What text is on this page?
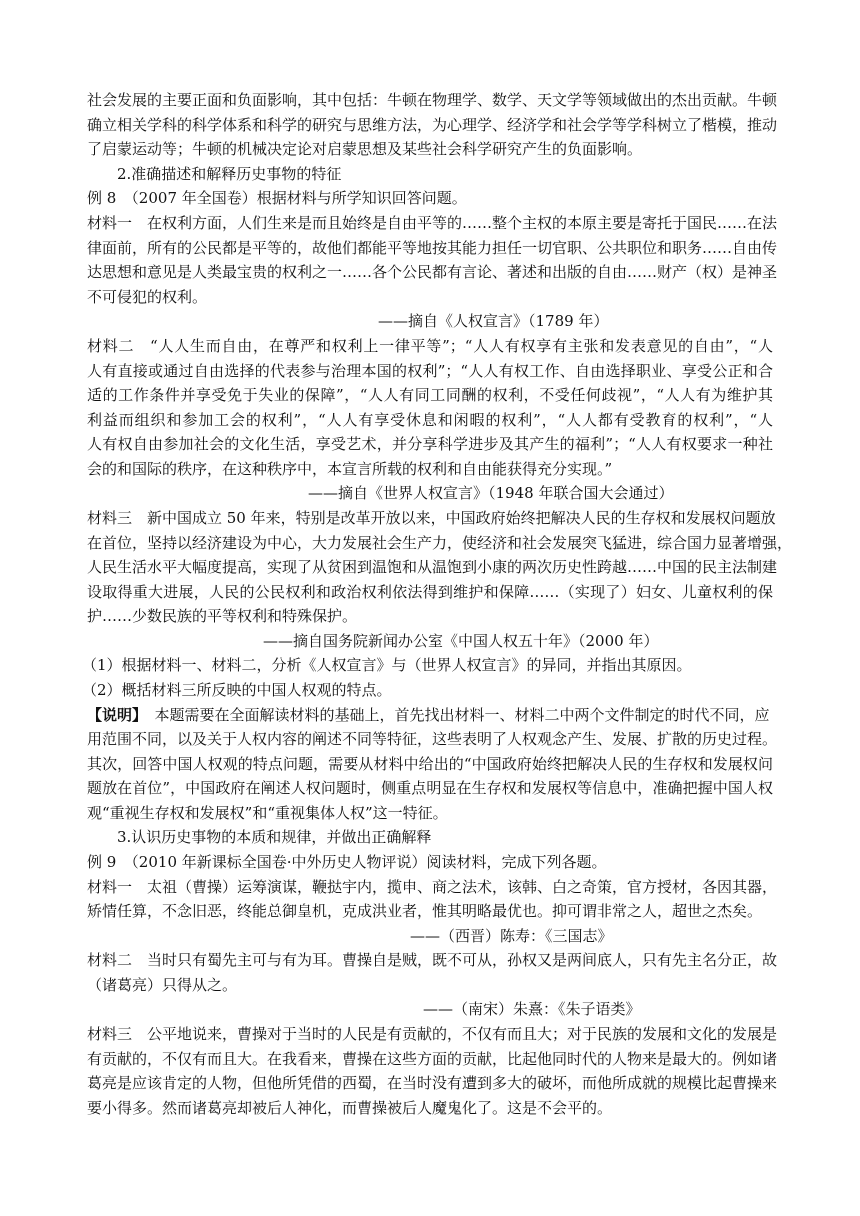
社会发展的主要正面和负面影响，其中包括：牛顿在物理学、数学、天文学等领域做出的杰出贡献。牛顿
确立相关学科的科学体系和科学的研究与思维方法，为心理学、经济学和社会学等学科树立了楷模，推动
了启蒙运动等；牛顿的机械决定论对启蒙思想及某些社会科学研究产生的负面影响。
2.准确描述和解释历史事物的特征
例 8　（2007 年全国卷）根据材料与所学知识回答问题。
材料一　在权利方面，人们生来是而且始终是自由平等的……整个主权的本原主要是寄托于国民……在法
律面前，所有的公民都是平等的，故他们都能平等地按其能力担任一切官职、公共职位和职务……自由传
达思想和意见是人类最宝贵的权利之一……各个公民都有言论、著述和出版的自由……财产（权）是神圣
不可侵犯的权利。
——摘自《人权宣言》（1789 年）
材料二　“人人生而自由，在尊严和权利上一律平等”；“人人有权享有主张和发表意见的自由”，“人
人有直接或通过自由选择的代表参与治理本国的权利”；“人人有权工作、自由选择职业、享受公正和合
适的工作条件并享受免于失业的保障”，“人人有同工同酬的权利，不受任何歧视”，“人人有为维护其
利益而组织和参加工会的权利”，“人人有享受休息和闲暇的权利”，“人人都有受教育的权利”，“人
人有权自由参加社会的文化生活，享受艺术，并分享科学进步及其产生的福利”；“人人有权要求一种社
会的和国际的秩序，在这种秩序中，本宣言所载的权利和自由能获得充分实现。”
——摘自《世界人权宣言》（1948 年联合国大会通过）
材料三　新中国成立 50 年来，特别是改革开放以来，中国政府始终把解决人民的生存权和发展权问题放
在首位，坚持以经济建设为中心，大力发展社会生产力，使经济和社会发展突飞猛进，综合国力显著增强，
人民生活水平大幅度提高，实现了从贫困到温饱和从温饱到小康的两次历史性跨越……中国的民主法制建
设取得重大进展，人民的公民权利和政治权利依法得到维护和保障……（实现了）妇女、儿童权利的保
护……少数民族的平等权利和特殊保护。
——摘自国务院新闻办公室《中国人权五十年》（2000 年）
（1）根据材料一、材料二，分析《人权宣言》与（世界人权宣言》的异同，并指出其原因。
（2）概括材料三所反映的中国人权观的特点。
【说明】　本题需要在全面解读材料的基础上，首先找出材料一、材料二中两个文件制定的时代不同，应
用范围不同，以及关于人权内容的阐述不同等特征，这些表明了人权观念产生、发展、扩散的历史过程。
其次，回答中国人权观的特点问题，需要从材料中给出的“中国政府始终把解决人民的生存权和发展权问
题放在首位”，中国政府在阐述人权问题时，侧重点明显在生存权和发展权等信息中，准确把握中国人权
观“重视生存权和发展权”和“重视集体人权”这一特征。
3.认识历史事物的本质和规律，并做出正确解释
例 9　（2010 年新课标全国卷·中外历史人物评说）阅读材料，完成下列各题。
材料一　太祖（曹操）运筹演谋，鞭挞宇内，揽申、商之法术，该韩、白之奇策，官方授材，各因其器，
矫情任算，不念旧恶，终能总御皇机，克成洪业者，惟其明略最优也。抑可谓非常之人，超世之杰矣。
——（西晋）陈寿：《三国志》
材料二　当时只有蜀先主可与有为耳。曹操自是贼，既不可从，孙权又是两间底人，只有先主名分正，故
（诸葛亮）只得从之。
——（南宋）朱熹：《朱子语类》
材料三　公平地说来，曹操对于当时的人民是有贡献的，不仅有而且大；对于民族的发展和文化的发展是
有贡献的，不仅有而且大。在我看来，曹操在这些方面的贡献，比起他同时代的人物来是最大的。例如诸
葛亮是应该肯定的人物，但他所凭借的西蜀，在当时没有遭到多大的破坏，而他所成就的规模比起曹操来
要小得多。然而诸葛亮却被后人神化，而曹操被后人魔鬼化了。这是不会平的。
